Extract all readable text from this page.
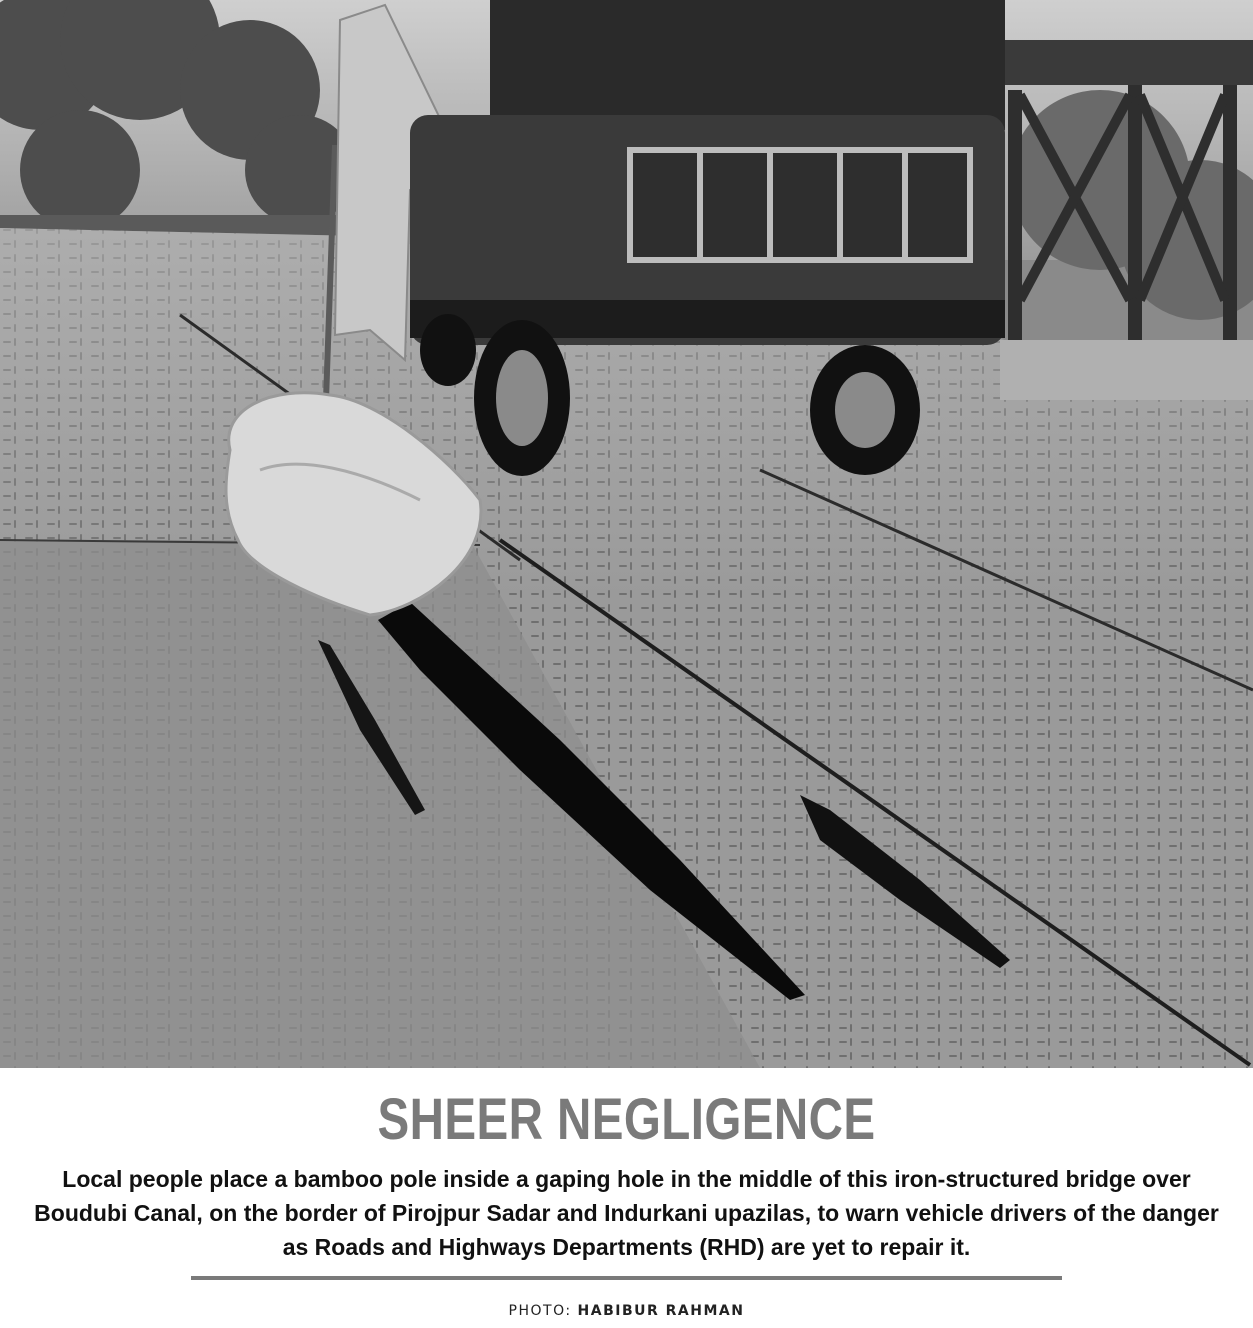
SHEER NEGLIGENCE
Local people place a bamboo pole inside a gaping hole in the middle of this iron-structured bridge over
Boudubi Canal, on the border of Pirojpur Sadar and Indurkani upazilas, to warn vehicle drivers of the danger
as Roads and Highways Departments (RHD) are yet to repair it.
PHOTO: HABIBUR RAHMAN
